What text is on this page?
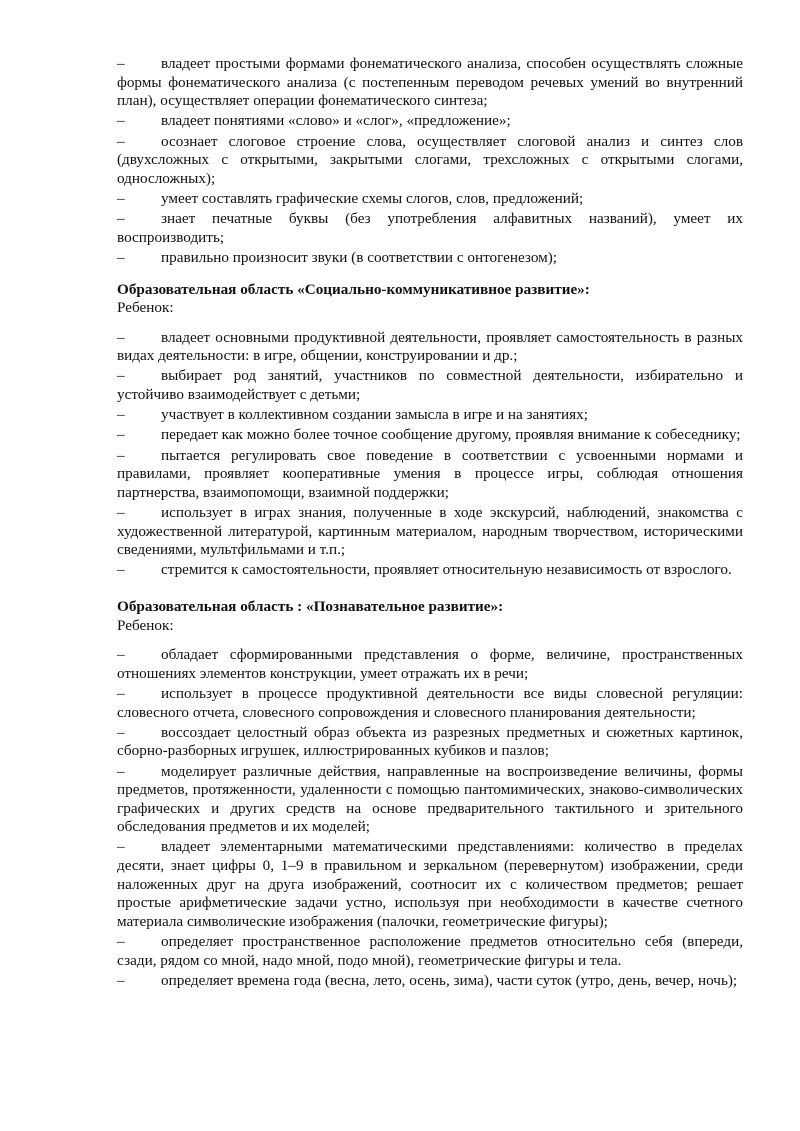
– владеет простыми формами фонематического анализа, способен осуществлять сложные формы фонематического анализа (с постепенным переводом речевых умений во внутренний план), осуществляет операции фонематического синтеза;

– владеет понятиями «слово» и «слог», «предложение»;

– осознает слоговое строение слова, осуществляет слоговой анализ и синтез слов (двухсложных с открытыми, закрытыми слогами, трехсложных с открытыми слогами, односложных);

– умеет составлять графические схемы слогов, слов, предложений;

– знает печатные буквы (без употребления алфавитных названий), умеет их воспроизводить;

– правильно произносит звуки (в соответствии с онтогенезом);

Образовательная область «Социально-коммуникативное развитие»:

Ребенок:

– владеет основными продуктивной деятельности, проявляет самостоятельность в разных видах деятельности: в игре, общении, конструировании и др.;

– выбирает род занятий, участников по совместной деятельности, избирательно и устойчиво взаимодействует с детьми;

– участвует в коллективном создании замысла в игре и на занятиях;

– передает как можно более точное сообщение другому, проявляя внимание к собеседнику;

– пытается регулировать свое поведение в соответствии с усвоенными нормами и правилами, проявляет кооперативные умения в процессе игры, соблюдая отношения партнерства, взаимопомощи, взаимной поддержки;

– использует в играх знания, полученные в ходе экскурсий, наблюдений, знакомства с художественной литературой, картинным материалом, народным творчеством, историческими сведениями, мультфильмами и т.п.;

– стремится к самостоятельности, проявляет относительную независимость от взрослого.

Образовательная область : «Познавательное развитие»:

Ребенок:

– обладает сформированными представления о форме, величине, пространственных отношениях элементов конструкции, умеет отражать их в речи;

– использует в процессе продуктивной деятельности все виды словесной регуляции: словесного отчета, словесного сопровождения и словесного планирования деятельности;

– воссоздает целостный образ объекта из разрезных предметных и сюжетных картинок, сборно-разборных игрушек, иллюстрированных кубиков и пазлов;

– моделирует различные действия, направленные на воспроизведение величины, формы предметов, протяженности, удаленности с помощью пантомимических, знаково-символических графических и других средств на основе предварительного тактильного и зрительного обследования предметов и их моделей;

– владеет элементарными математическими представлениями: количество в пределах десяти, знает цифры 0, 1–9 в правильном и зеркальном (перевернутом) изображении, среди наложенных друг на друга изображений, соотносит их с количеством предметов; решает простые арифметические задачи устно, используя при необходимости в качестве счетного материала символические изображения (палочки, геометрические фигуры);

– определяет пространственное расположение предметов относительно себя (впереди, сзади, рядом со мной, надо мной, подо мной), геометрические фигуры и тела.

– определяет времена года (весна, лето, осень, зима), части суток (утро, день, вечер, ночь);
